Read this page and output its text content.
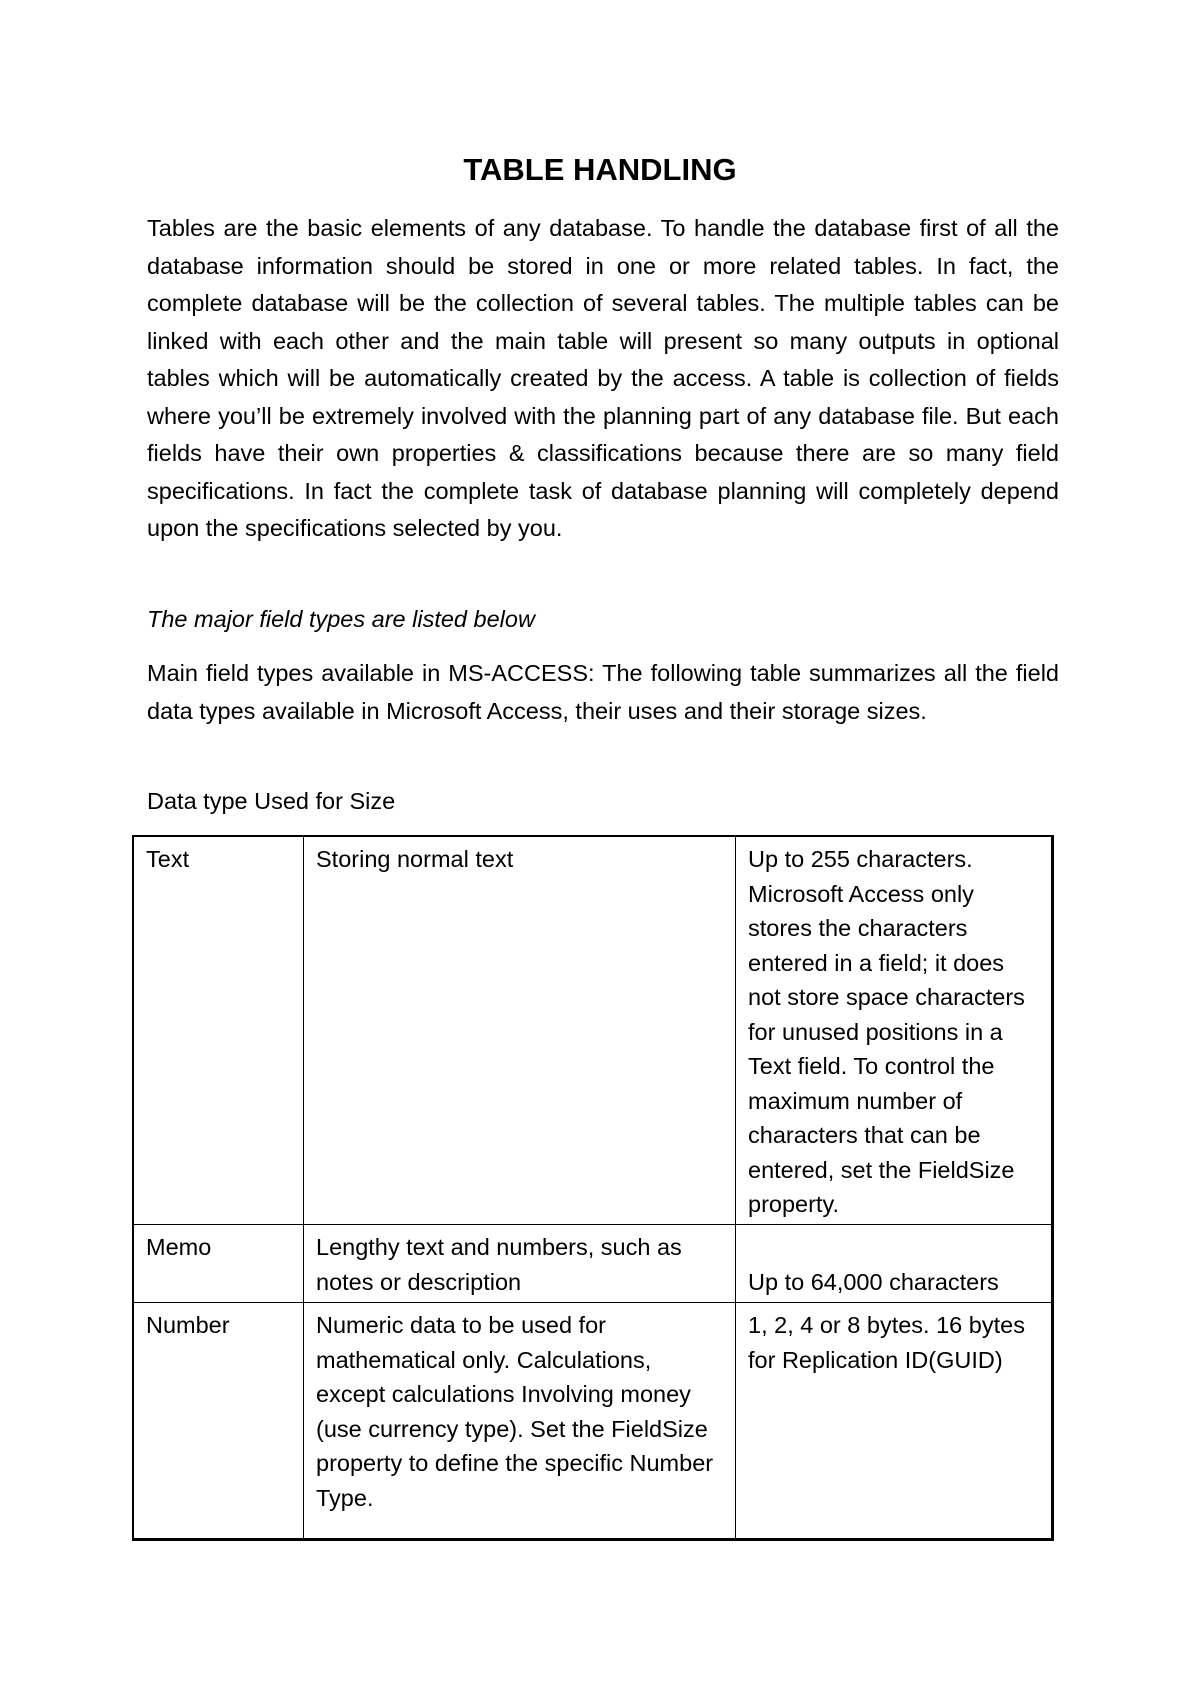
TABLE HANDLING

Tables are the basic elements of any database. To handle the database first of all the database information should be stored in one or more related tables. In fact, the complete database will be the collection of several tables. The multiple tables can be linked with each other and the main table will present so many outputs in optional tables which will be automatically created by the access. A table is collection of fields where you’ll be extremely involved with the planning part of any database file. But each fields have their own properties & classifications because there are so many field specifications. In fact the complete task of database planning will completely depend upon the specifications selected by you.

The major field types are listed below

Main field types available in MS-ACCESS: The following table summarizes all the field data types available in Microsoft Access, their uses and their storage sizes.

Data type Used for Size

Text	Storing normal text	Up to 255 characters. Microsoft Access only stores the characters entered in a field; it does not store space characters for unused positions in a Text field. To control the maximum number of characters that can be entered, set the FieldSize property.
Memo	Lengthy text and numbers, such as notes or description	Up to 64,000 characters

Number	Numeric data to be used for mathematical only. Calculations, except calculations Involving money (use currency type). Set the FieldSize property to define the specific Number Type.	1, 2, 4 or 8 bytes. 16 bytes for Replication ID(GUID)
